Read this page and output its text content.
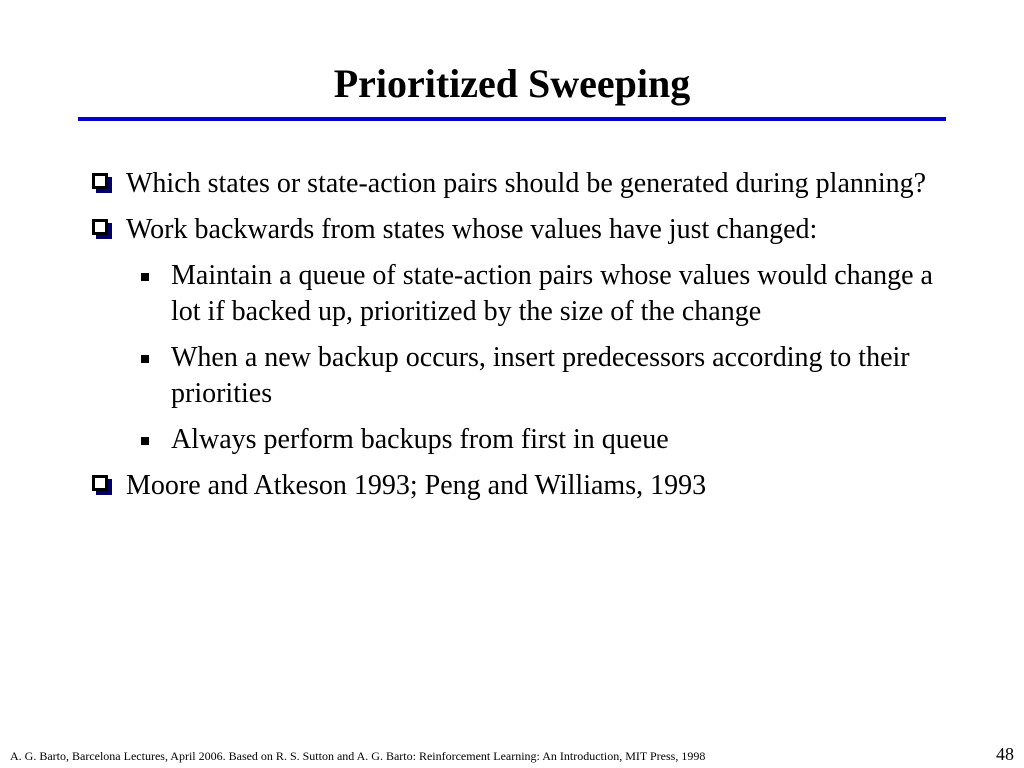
Prioritized Sweeping
Which states or state-action pairs should be generated during planning?
Work backwards from states whose values have just changed:
Maintain a queue of state-action pairs whose values would change a lot if backed up, prioritized by the size of the change
When a new backup occurs, insert predecessors according to their priorities
Always perform backups from first in queue
Moore and Atkeson 1993; Peng and Williams, 1993
A. G. Barto, Barcelona Lectures, April 2006. Based on R. S. Sutton and A. G. Barto: Reinforcement Learning: An Introduction, MIT Press, 1998	48
